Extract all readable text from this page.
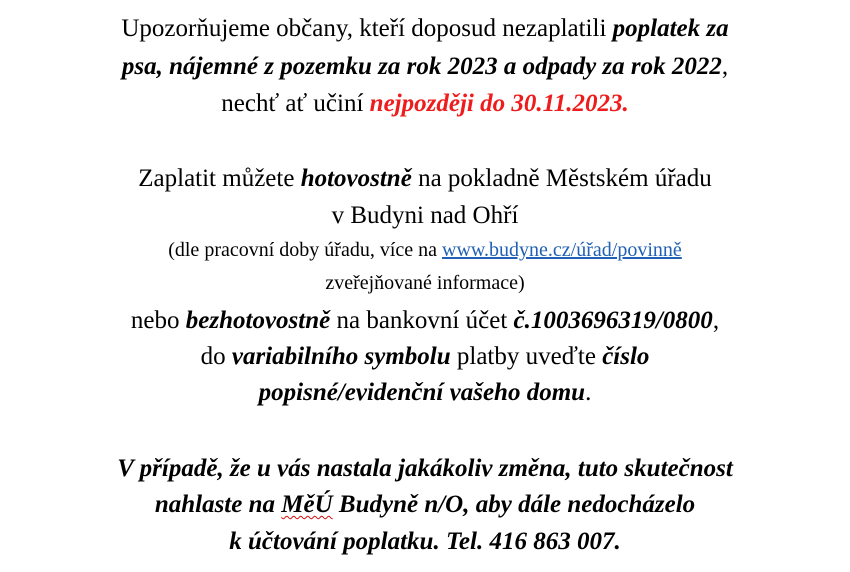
Upozorňujeme občany, kteří doposud nezaplatili poplatek za
psa, nájemné z pozemku za rok 2023 a odpady za rok 2022,
nechť ať učiní nejpozději do 30.11.2023.
Zaplatit můžete hotovostně na pokladně Městském úřadu
v Budyni nad Ohří
(dle pracovní doby úřadu, více na www.budyne.cz/úřad/povinně
zveřejňované informace)
nebo bezhotovostně na bankovní účet č.1003696319/0800,
do variabilního symbolu platby uveďte číslo
popisné/evidenční vašeho domu.
V případě, že u vás nastala jakákoliv změna, tuto skutečnost
nahlaste na MěÚ Budyně n/O, aby dále nedocházelo
k účtování poplatku. Tel. 416 863 007.
